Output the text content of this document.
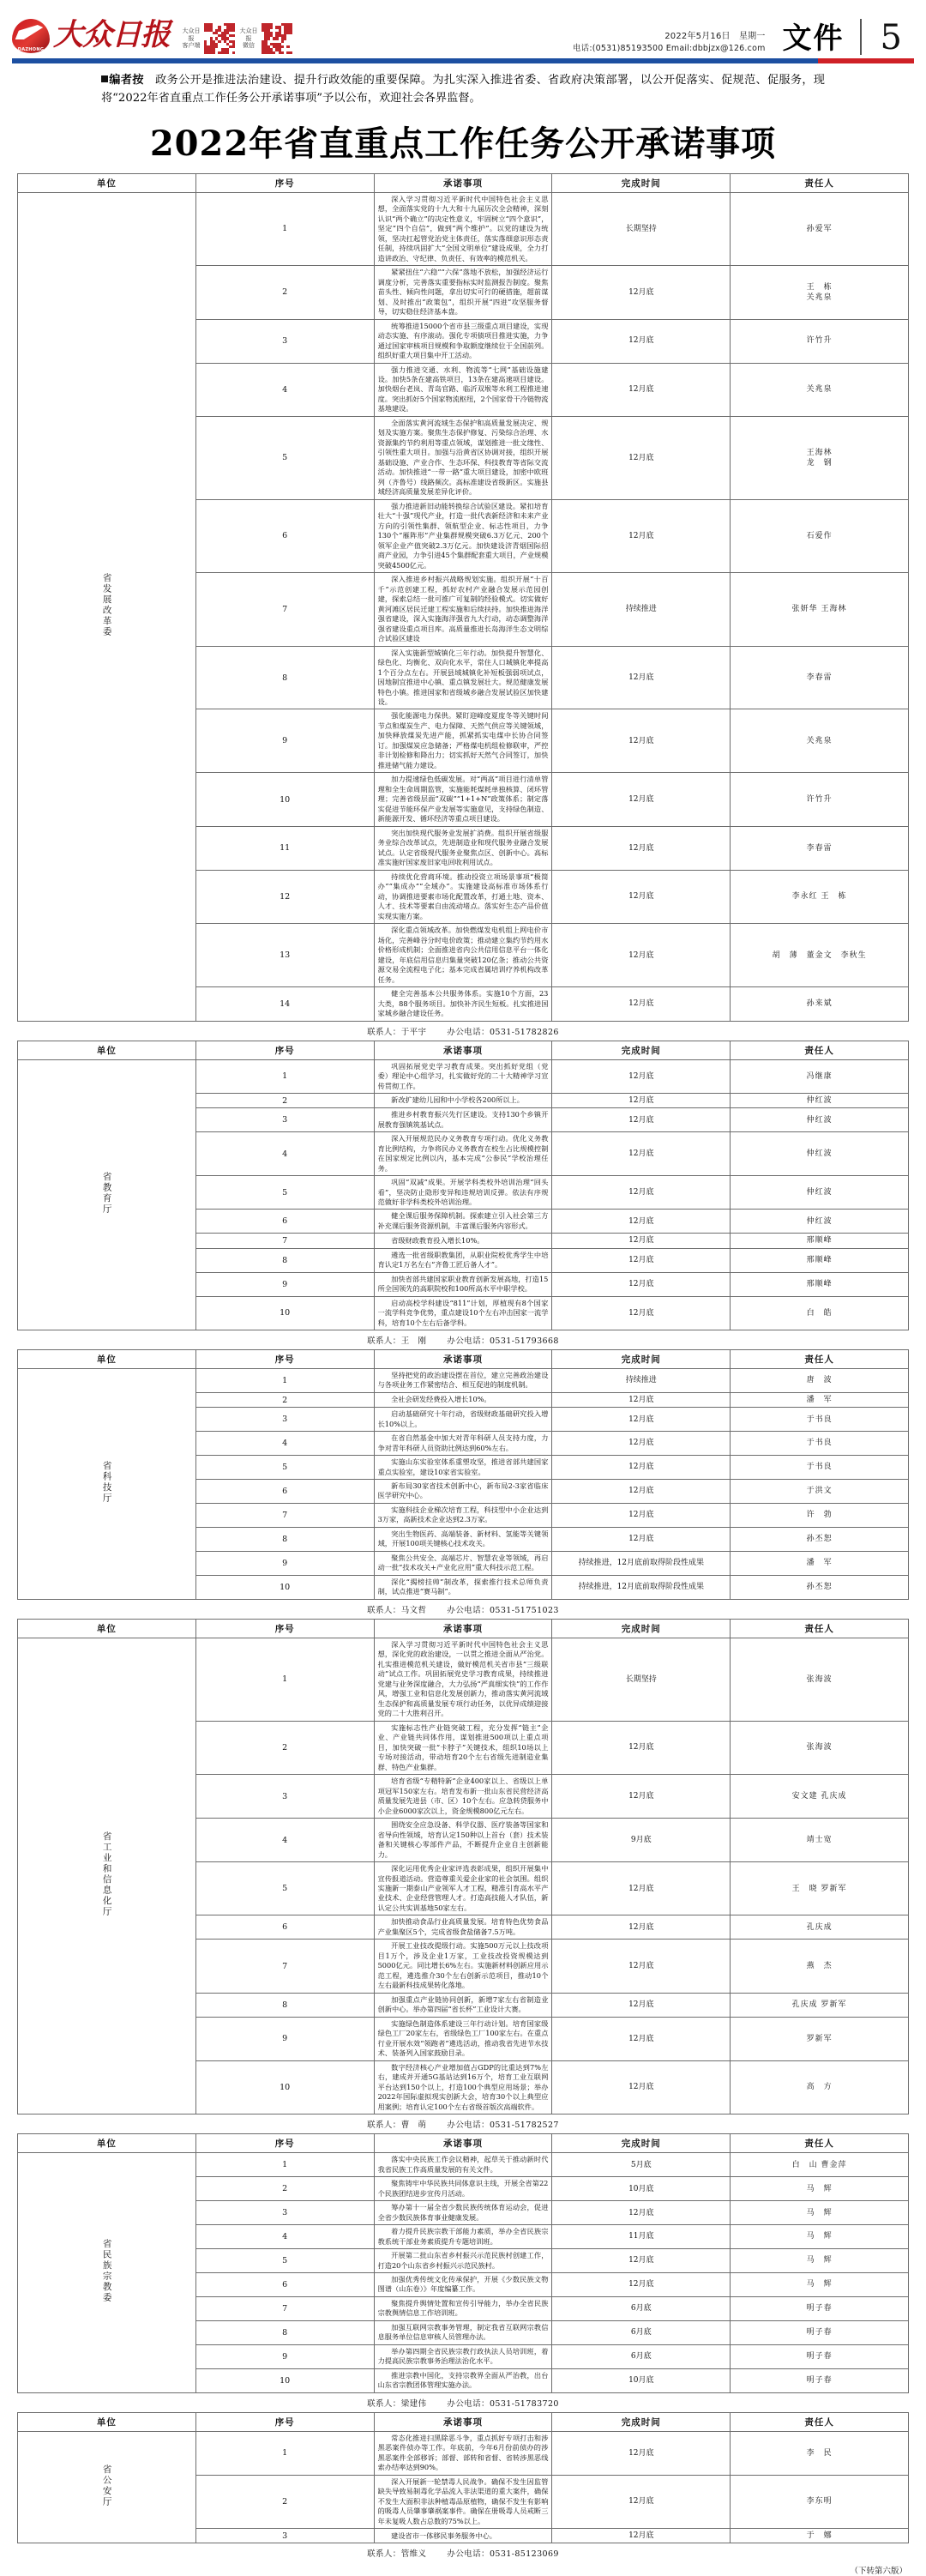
DAZHONG 大众日报	大众日报
客户端
大众日报
微信
2022年5月16日　星期一
电话:(0531)85193500 Email:dbbjzx@126.com 文件	5
编者按　政务公开是推进法治建设、提升行政效能的重要保障。为扎实深入推进省委、省政府决策部署，以公开促落实、促规范、促服务，现将“2022年省直重点工作任务公开承诺事项”予以公布，欢迎社会各界监督。
2022年省直重点工作任务公开承诺事项
单位	序号	承诺事项	完成时间	责任人
省发展改革委	1	深入学习贯彻习近平新时代中国特色社会主义思想，全面落实党的十九大和十九届历次全会精神，深刻认识“两个确立”的决定性意义，牢固树立“四个意识”，坚定“四个自信”，做到“两个维护”。以党的建设为统领，坚决扛起管党治党主体责任，落实落细意识形态责任制，持续巩固扩大“全国文明单位”建设成果，全力打造讲政治、守纪律、负责任、有效率的模范机关。	长期坚持	孙爱军
	2	紧紧扭住“六稳”“六保”落地不放松，加强经济运行调度分析，完善落实重要指标实时监测报告制度。聚焦苗头性、倾向性问题，拿出切实可行的硬措施，超前谋划、及时推出“政策包”，组织开展“四进”攻坚服务督导，切实稳住经济基本盘。	12月底	王　栋
关兆泉
	3	统筹推进15000个省市县三级重点项目建设，实现动态实施、有序滚动。强化专项债项目推进实施，力争通过国家审核项目规模和争取额度继续位于全国前列。组织好重大项目集中开工活动。	12月底	许竹升
	4	强力推进交通、水利、物流等“七网”基础设施建设。加快5条在建高铁项目，13条在建高速项目建设。加快烟台老岚、青岛官路、临沂双堠等水利工程推进速度。突出抓好5个国家物流枢纽，2个国家骨干冷链物流基地建设。	12月底	关兆泉
	5	全面落实黄河流域生态保护和高质量发展决定、规划及实施方案。聚焦生态保护修复、污染综合治理、水资源集约节约利用等重点领域，谋划推进一批文缘性、引领性重大项目。加强与沿黄省区协调对接，组织开展基础设施、产业合作、生态环保、科技教育等省际交流活动。加快推进“一带一路”重大项目建设，加密中欧班列（齐鲁号）线路频次。高标准建设省级新区。实施县域经济高质量发展差异化评价。	12月底	王海林
龙　钢
	6	强力推进新旧动能转换综合试验区建设。紧扣培育壮大“十强”现代产业，打造一批代表新经济和未来产业方向的引领性集群、领航型企业、标志性项目，力争130个“雁阵形”产业集群规模突破6.3万亿元、200个领军企业产值突破2.3万亿元。加快建设济青烟国际招商产业园，力争引进45个集群配套重大项目，产业规模突破4500亿元。	12月底	石爱作
	7	深入推进乡村振兴战略规划实施。组织开展“十百千”示范创建工程，抓好农村产业融合发展示范园创建，探索总结一批可推广可复制的经验模式。切实做好黄河滩区居民迁建工程实施和后续扶持。加快推进海洋强省建设，深入实施海洋强省九大行动，动态调整海洋强省建设重点项目库。高质量推进长岛海洋生态文明综合试验区建设	持续推进	张妍华 王海林
	8	深入实施新型城镇化三年行动。加快提升智慧化、绿色化、均衡化、双向化水平，常住人口城镇化率提高1个百分点左右。开展县域城镇化补短板强弱项试点，因地制宜推进中心镇、重点镇发展壮大。规范健康发展特色小镇。推进国家和省级城乡融合发展试验区加快建设。	12月底	李春雷
	9	强化能源电力保供。紧盯迎峰度夏度冬等关键时间节点和煤炭生产、电力保障、天然气供应等关键领域，加快释放煤炭先进产能，抓紧抓实电煤中长协合同签订。加强煤炭应急储备；严格煤电机组检修联审，严控非计划检修和降出力；切实抓好天然气合同签订，加快推进储气能力建设。	12月底	关兆泉
	10	加力提速绿色低碳发展。对“两高”项目进行清单管理和全生命周期监管，实施能耗煤耗单独核算、闭环管理；完善省级层面“双碳”“1+1+N”政策体系；制定落实促进节能环保产业发展等实施意见，支持绿色制造、新能源开发、循环经济等重点项目建设。	12月底	许竹升
	11	突出加快现代服务业发展扩消费。组织开展省级服务业综合改革试点，先进制造业和现代服务业融合发展试点。认定省级现代服务业聚焦点区、创新中心。高标准实施好国家废旧家电回收利用试点。	12月底	李春雷
	12	持续优化营商环境。推动投资立项场景事项“极简办”“集成办”“全域办”。实施建设高标准市场体系行动，协调推进要素市场化配置改革，打通土地、资本、人才、技术等要素自由流动堵点。落实好生态产品价值实现实施方案。	12月底	李永红 王　栋
	13	深化重点领域改革。加快燃煤发电机组上网电价市场化，完善峰谷分时电价政策；推动建立集约节约用水价格形成机制；全面推进省内公共信用信息平台一体化建设，年底信用信息归集量突破120亿条；推动公共资源交易全流程电子化；基本完成省属培训疗养机构改革任务。	12月底	胡　薄　董金文　李秋生
	14	健全完善基本公共服务体系。实施10个方面，23大类，88个服务项目。加快补齐民生短板。扎实推进国家城乡融合建设任务。	12月底	孙来斌
联系人：于平宇	办公电话：0531-51782826
单位	序号	承诺事项	完成时间	责任人
省教育厅	1	巩固拓展党史学习教育成果。突出抓好党组（党委）理论中心组学习，扎实做好党的二十大精神学习宣传贯彻工作。	12月底	冯继康
	2	新改扩建幼儿园和中小学校各200所以上。	12月底	仲红波
	3	推进乡村教育振兴先行区建设。支持130个乡镇开展教育强镇筑基试点。	12月底	仲红波
	4	深入开展规范民办义务教育专项行动。优化义务教育比例结构，力争将民办义务教育在校生占比规模控制在国家规定比例以内，基本完成“公参民”学校治理任务。	12月底	仲红波
	5	巩固“双减”成果。开展学科类校外培训治理“回头看”，坚决防止隐形变异和违规培训反弹。依法有序规范做好非学科类校外培训治理。	12月底	仲红波
	6	健全课后服务保障机制。探索建立引入社会第三方补充课后服务资源机制，丰富课后服务内容形式。	12月底	仲红波
	7	省级财政教育投入增长10%。	12月底	邢顺峰
	8	遴选一批省级职教集团，从职业院校优秀学生中培育认定1万名左右“齐鲁工匠后备人才”。	12月底	邢顺峰
	9	加快省部共建国家职业教育创新发展高地，打造15所全国领先的高职院校和100所高水平中职学校。	12月底	邢顺峰
	10	启动高校学科建设“811”计划，厚植现有8个国家一流学科竞争优势，重点建设10个左右冲击国家一流学科，培育10个左右后备学科。	12月底	白　皓
联系人：王　刚	办公电话：0531-51793668
单位	序号	承诺事项	完成时间	责任人
省科技厅	1	坚持把党的政治建设摆在首位，建立完善政治建设与各项业务工作紧密结合、相互促进的制度机制。	持续推进	唐　波
	2	全社会研发经费投入增长10%。	12月底	潘　军
	3	启动基础研究十年行动，省级财政基础研究投入增长10%以上。	12月底	于书良
	4	在省自然基金中加大对青年科研人员支持力度，力争对青年科研人员资助比例达到60%左右。	12月底	于书良
	5	实施山东实验室体系重塑攻坚，推进省部共建国家重点实验室，建设10家省实验室。	12月底	于书良
	6	新布局30家省技术创新中心，新布局2-3家省临床医学研究中心。	12月底	于洪文
	7	实施科技企业梯次培育工程，科技型中小企业达到3万家，高新技术企业达到2.3万家。	12月底	许　勃
	8	突出生物医药、高端装备、新材料、氢能等关键领域，开展100项关键核心技术攻关。	12月底	孙丕恕
	9	聚焦公共安全、高端芯片、智慧农业等领域，再启动一批“技术攻关+产业化应用”重大科技示范工程。	持续推进，12月底前取得阶段性成果	潘　军
	10	深化“揭榜挂帅”制改革，探索推行技术总师负责制，试点推进“赛马制”。	持续推进，12月底前取得阶段性成果	孙丕恕
联系人：马文哲	办公电话：0531-51751023
单位	序号	承诺事项	完成时间	责任人
省工业和信息化厅	1	深入学习贯彻习近平新时代中国特色社会主义思想，深化党的政治建设，一以贯之推进全面从严治党。扎实推进模范机关建设，做好模范机关省市县“三级联动”试点工作。巩固拓展党史学习教育成果，持续推进党建与业务深度融合，大力弘扬“严真细实快”的工作作风，增强工业和信息化发展创新力，推动落实黄河流域生态保护和高质量发展专项行动任务，以优异成绩迎接党的二十大胜利召开。	长期坚持	张海波
	2	实施标志性产业链突破工程，充分发挥“链主”企业、产业链共同体作用，谋划推进500项以上重点项目，加快突破一批“卡脖子”关键技术，组织10场以上专场对接活动，带动培育20个左右省级先进制造业集群、特色产业集群。	12月底	张海波
	3	培育省级“专精特新”企业400家以上、省级以上单项冠军150家左右。培育发布新一批山东省民营经济高质量发展先进县（市、区）10个左右。应急转贷服务中小企业6000家次以上，资金规模800亿元左右。	12月底	安文建 孔庆成
	4	围绕安全应急设备、科学仪器、医疗装备等国家和省导向性领域，培育认定150种以上首台（套）技术装备和关键核心零部件产品，不断提升企业自主创新能力。	9月底	靖士宽
	5	深化运用优秀企业家评选表彰成果，组织开展集中宣传报道活动。营造尊重关爱企业家的社会氛围。组织实施新一期泰山产业领军人才工程，精准引育高水平产业技术、企业经营管理人才。打造高技能人才队伍，新认定公共实训基地50家左右。	12月底	王　晓 罗新军
	6	加快推动食品行业高质量发展。培育特色优势食品产业集聚区5个，完成省级食盐储备7.5万吨。	12月底	孔庆成
	7	开展工业技改提级行动。实施500万元以上技改项目1万个，涉及企业1万家，工业技改投资规模达到5000亿元。同比增长6%左右。实施新材料创新应用示范工程，遴选推介30个左右创新示范项目，推动10个左右最新科技成果转化落地。	12月底	燕　杰
	8	加强重点产业链协同创新，新增7家左右省制造业创新中心。举办第四届“省长杯”工业设计大赛。	12月底	孔庆成 罗新军
	9	实施绿色制造体系建设三年行动计划。培育国家级绿色工厂20家左右，省级绿色工厂100家左右。在重点行业开展水效“领跑者”遴选活动，推动我省先进节水技术、装备列入国家鼓励目录。	12月底	罗新军
	10	数字经济核心产业增加值占GDP的比重达到7%左右，建成并开通5G基站达到16万个，培育工业互联网平台达到150个以上，打造100个典型应用场景；举办2022年国际虚拟现实创新大会，培育30个以上典型应用案例；培育认定100个左右省级首版次高端软件。	12月底	高　方
联系人：曹　萌	办公电话：0531-51782527
单位	序号	承诺事项	完成时间	责任人
省民族宗教委	1	落实中央民族工作会议精神，起草关于推动新时代我省民族工作高质量发展的有关文件。	5月底	白　山 曹金萍
	2	聚焦铸牢中华民族共同体意识主线，开展全省第22个民族团结进步宣传月活动。	10月底	马　辉
	3	筹办第十一届全省少数民族传统体育运动会，促进全省少数民族体育事业健康发展。	12月底	马　辉
	4	着力提升民族宗教干部能力素质，举办全省民族宗教系统干部业务素质提升专题培训班。	11月底	马　辉
	5	开展第二批山东省乡村振兴示范民族村创建工作，打造20个山东省乡村振兴示范民族村。	12月底	马　辉
	6	加强优秀传统文化传承保护，开展《少数民族文物图谱（山东卷）》年度编纂工作。	12月底	马　辉
	7	聚焦提升舆情处置和宣传引导能力，举办全省民族宗教舆情信息工作培训班。	6月底	明子春
	8	加强互联网宗教事务管理，制定我省互联网宗教信息服务单位信息审核人员管理办法。	6月底	明子春
	9	举办第四期全省民族宗教行政执法人员培训班，着力提高民族宗教事务治理法治化水平。	6月底	明子春
	10	推进宗教中国化，支持宗教界全面从严治教，出台山东省宗教团体管理实施办法。	10月底	明子春
联系人：梁建伟	办公电话：0531-51783720
单位	序号	承诺事项	完成时间	责任人
省公安厅	1	常态化推进扫黑除恶斗争，重点抓好专项打击和涉黑恶案件侦办等工作。年底前，今年6月份前侦办的涉黑恶案件全部移诉；部督、部转和省督、省转涉黑恶线索办结率达到90%。	12月底	李　民
	2	深入开展新一轮禁毒人民战争。确保不发生因监管缺失导致易制毒化学品流入非法渠道的重大案件，确保不发生大面积非法种植毒品原植物，确保不发生有影响的吸毒人员肇事肇祸案事件。确保在册吸毒人员戒断三年未复吸人数占总数的75%以上。	12月底	李东明
	3	建设省市一体移民事务服务中心。	12月底	于　娜
联系人：管维义	办公电话：0531-85123069
（下转第六版）
